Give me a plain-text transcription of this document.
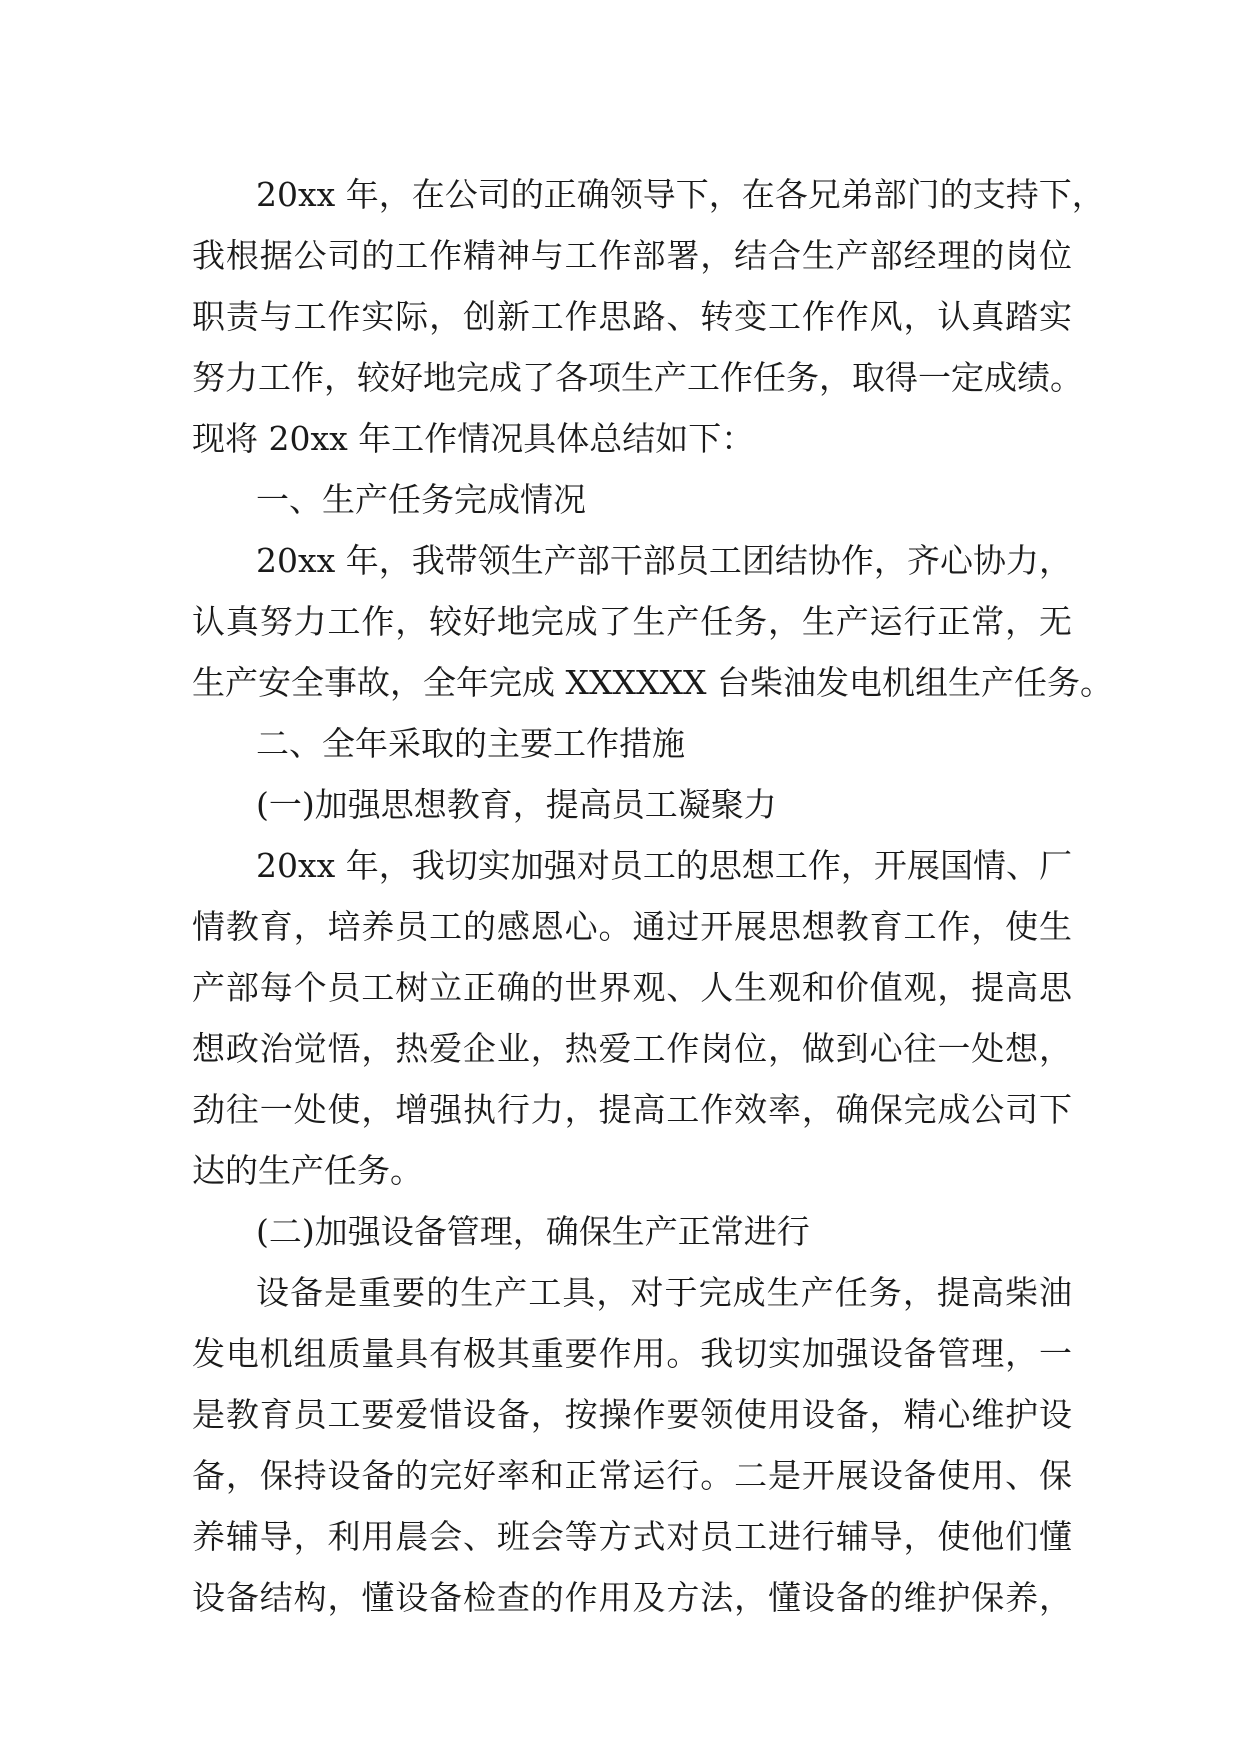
20xx 年，在公司的正确领导下，在各兄弟部门的支持下，
我根据公司的工作精神与工作部署，结合生产部经理的岗位
职责与工作实际，创新工作思路、转变工作作风，认真踏实
努力工作，较好地完成了各项生产工作任务，取得一定成绩。
现将 20xx 年工作情况具体总结如下：
一、生产任务完成情况
20xx 年，我带领生产部干部员工团结协作，齐心协力，
认真努力工作，较好地完成了生产任务，生产运行正常，无
生产安全事故，全年完成 XXXXXX 台柴油发电机组生产任务。
二、全年采取的主要工作措施
(一)加强思想教育，提高员工凝聚力
20xx 年，我切实加强对员工的思想工作，开展国情、厂
情教育，培养员工的感恩心。通过开展思想教育工作，使生
产部每个员工树立正确的世界观、人生观和价值观，提高思
想政治觉悟，热爱企业，热爱工作岗位，做到心往一处想，
劲往一处使，增强执行力，提高工作效率，确保完成公司下
达的生产任务。
(二)加强设备管理，确保生产正常进行
设备是重要的生产工具，对于完成生产任务，提高柴油
发电机组质量具有极其重要作用。我切实加强设备管理，一
是教育员工要爱惜设备，按操作要领使用设备，精心维护设
备，保持设备的完好率和正常运行。二是开展设备使用、保
养辅导，利用晨会、班会等方式对员工进行辅导，使他们懂
设备结构，懂设备检查的作用及方法，懂设备的维护保养，
